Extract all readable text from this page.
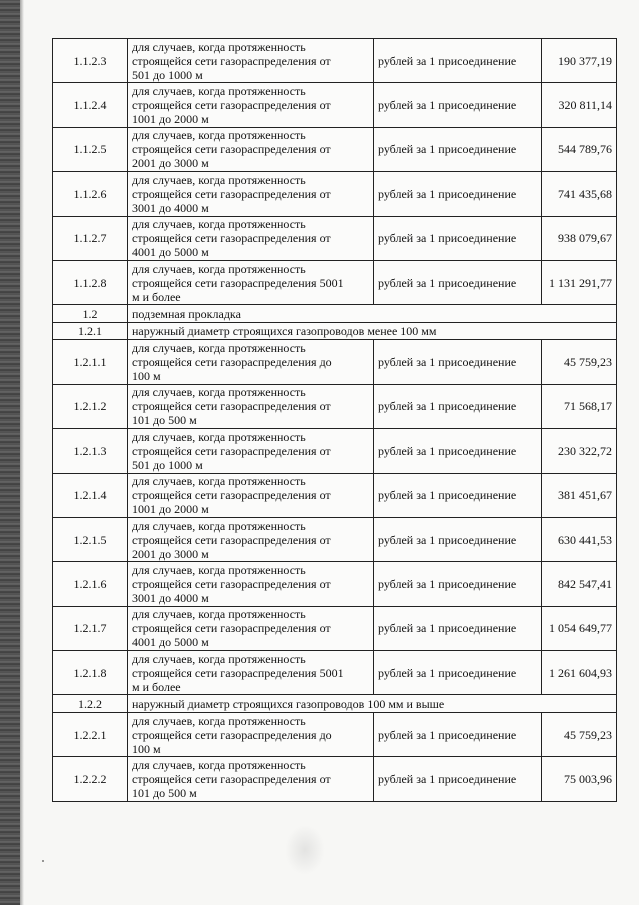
1.1.2.3	для случаев, когда протяженность
строящейся сети газораспределения от
501 до 1000 м	рублей за 1 присоединение	190 377,19
1.1.2.4	для случаев, когда протяженность
строящейся сети газораспределения от
1001 до 2000 м	рублей за 1 присоединение	320 811,14
1.1.2.5	для случаев, когда протяженность
строящейся сети газораспределения от
2001 до 3000 м	рублей за 1 присоединение	544 789,76
1.1.2.6	для случаев, когда протяженность
строящейся сети газораспределения от
3001 до 4000 м	рублей за 1 присоединение	741 435,68
1.1.2.7	для случаев, когда протяженность
строящейся сети газораспределения от
4001 до 5000 м	рублей за 1 присоединение	938 079,67
1.1.2.8	для случаев, когда протяженность
строящейся сети газораспределения 5001
м и более	рублей за 1 присоединение	1 131 291,77
1.2	подземная прокладка		
1.2.1	наружный диаметр строящихся газопроводов менее 100 мм		
1.2.1.1	для случаев, когда протяженность
строящейся сети газораспределения до
100 м	рублей за 1 присоединение	45 759,23
1.2.1.2	для случаев, когда протяженность
строящейся сети газораспределения от
101 до 500 м	рублей за 1 присоединение	71 568,17
1.2.1.3	для случаев, когда протяженность
строящейся сети газораспределения от
501 до 1000 м	рублей за 1 присоединение	230 322,72
1.2.1.4	для случаев, когда протяженность
строящейся сети газораспределения от
1001 до 2000 м	рублей за 1 присоединение	381 451,67
1.2.1.5	для случаев, когда протяженность
строящейся сети газораспределения от
2001 до 3000 м	рублей за 1 присоединение	630 441,53
1.2.1.6	для случаев, когда протяженность
строящейся сети газораспределения от
3001 до 4000 м	рублей за 1 присоединение	842 547,41
1.2.1.7	для случаев, когда протяженность
строящейся сети газораспределения от
4001 до 5000 м	рублей за 1 присоединение	1 054 649,77
1.2.1.8	для случаев, когда протяженность
строящейся сети газораспределения 5001
м и более	рублей за 1 присоединение	1 261 604,93
1.2.2	наружный диаметр строящихся газопроводов 100 мм и выше		
1.2.2.1	для случаев, когда протяженность
строящейся сети газораспределения до
100 м	рублей за 1 присоединение	45 759,23
1.2.2.2	для случаев, когда протяженность
строящейся сети газораспределения от
101 до 500 м	рублей за 1 присоединение	75 003,96
